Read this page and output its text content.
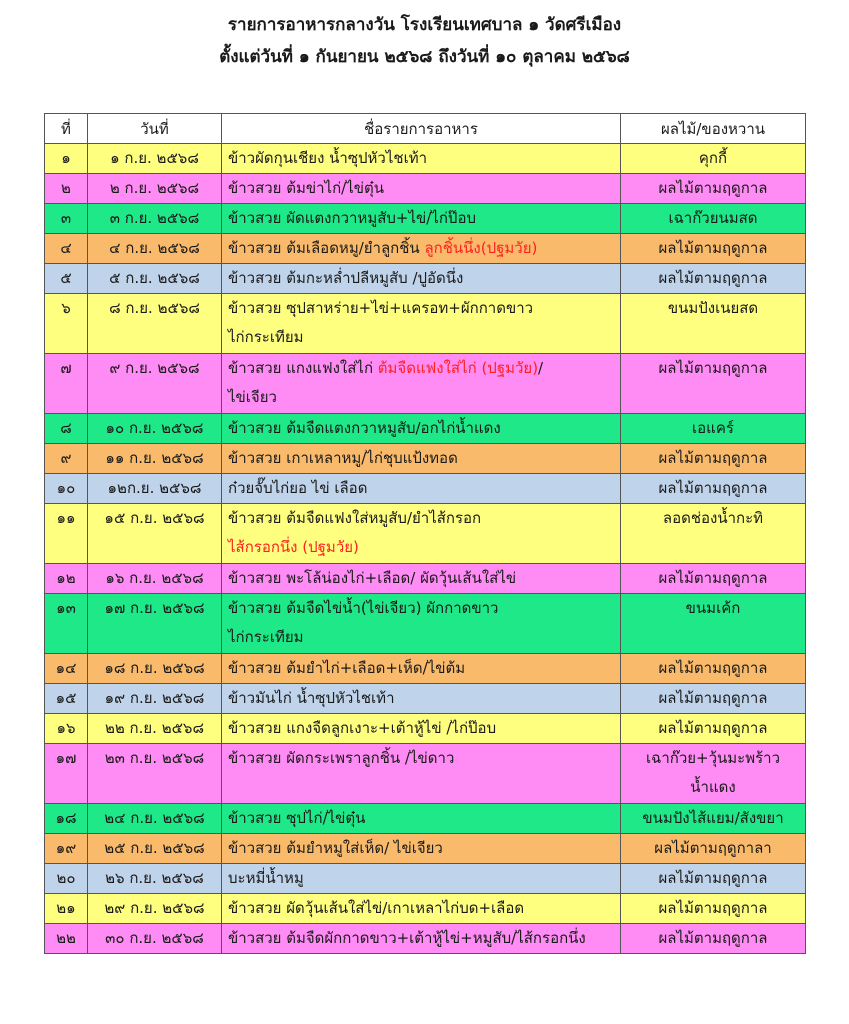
รายการอาหารกลางวัน โรงเรียนเทศบาล ๑ วัดศรีเมือง
ตั้งแต่วันที่ ๑ กันยายน ๒๕๖๘ ถึงวันที่ ๑๐ ตุลาคม ๒๕๖๘
ที่	วันที่	ชื่อรายการอาหาร	ผลไม้/ของหวาน
๑	๑ ก.ย. ๒๕๖๘	ข้าวผัดกุนเชียง น้ำซุปหัวไชเท้า	คุกกี้
๒	๒ ก.ย. ๒๕๖๘	ข้าวสวย ต้มข่าไก่/ไข่ตุ๋น	ผลไม้ตามฤดูกาล
๓	๓ ก.ย. ๒๕๖๘	ข้าวสวย ผัดแตงกวาหมูสับ+ไข่/ไก่ป๊อบ	เฉาก๊วยนมสด
๔	๔ ก.ย. ๒๕๖๘	ข้าวสวย ต้มเลือดหมู/ยำลูกชิ้น ลูกชิ้นนึ่ง(ปฐมวัย)	ผลไม้ตามฤดูกาล
๕	๕ ก.ย. ๒๕๖๘	ข้าวสวย ต้มกะหล่ำปลีหมูสับ /ปูอัดนึ่ง	ผลไม้ตามฤดูกาล
๖	๘ ก.ย. ๒๕๖๘	ข้าวสวย ซุปสาหร่าย+ไข่+แครอท+ผักกาดขาว
ไก่กระเทียม	ขนมปังเนยสด
๗	๙ ก.ย. ๒๕๖๘	ข้าวสวย แกงแฟงใส่ไก่ ต้มจืดแฟงใส่ไก่ (ปฐมวัย)/
ไข่เจียว	ผลไม้ตามฤดูกาล
๘	๑๐ ก.ย. ๒๕๖๘	ข้าวสวย ต้มจืดแตงกวาหมูสับ/อกไก่น้ำแดง	เอแคร์
๙	๑๑ ก.ย. ๒๕๖๘	ข้าวสวย เกาเหลาหมู/ไก่ชุบแป้งทอด	ผลไม้ตามฤดูกาล
๑๐	๑๒ก.ย. ๒๕๖๘	ก๋วยจั๊บไก่ยอ ไข่ เลือด	ผลไม้ตามฤดูกาล
๑๑	๑๕ ก.ย. ๒๕๖๘	ข้าวสวย ต้มจืดแฟงใส่หมูสับ/ยำไส้กรอก
ไส้กรอกนึ่ง (ปฐมวัย)	ลอดช่องน้ำกะทิ
๑๒	๑๖ ก.ย. ๒๕๖๘	ข้าวสวย พะโล้น่องไก่+เลือด/ ผัดวุ้นเส้นใส่ไข่	ผลไม้ตามฤดูกาล
๑๓	๑๗ ก.ย. ๒๕๖๘	ข้าวสวย ต้มจืดไข่น้ำ(ไข่เจียว) ผักกาดขาว
ไก่กระเทียม	ขนมเค้ก
๑๔	๑๘ ก.ย. ๒๕๖๘	ข้าวสวย ต้มยำไก่+เลือด+เห็ด/ไข่ต้ม	ผลไม้ตามฤดูกาล
๑๕	๑๙ ก.ย. ๒๕๖๘	ข้าวมันไก่ น้ำซุปหัวไชเท้า	ผลไม้ตามฤดูกาล
๑๖	๒๒ ก.ย. ๒๕๖๘	ข้าวสวย แกงจืดลูกเงาะ+เต้าหู้ไข่ /ไก่ป๊อบ	ผลไม้ตามฤดูกาล
๑๗	๒๓ ก.ย. ๒๕๖๘	ข้าวสวย ผัดกระเพราลูกชิ้น /ไข่ดาว	เฉาก๊วย+วุ้นมะพร้าว
น้ำแดง
๑๘	๒๔ ก.ย. ๒๕๖๘	ข้าวสวย ซุปไก่/ไข่ตุ๋น	ขนมปังไส้แยม/สังขยา
๑๙	๒๕ ก.ย. ๒๕๖๘	ข้าวสวย ต้มยำหมูใส่เห็ด/ ไข่เจียว	ผลไม้ตามฤดูกาลา
๒๐	๒๖ ก.ย. ๒๕๖๘	บะหมี่น้ำหมู	ผลไม้ตามฤดูกาล
๒๑	๒๙ ก.ย. ๒๕๖๘	ข้าวสวย ผัดวุ้นเส้นใส่ไข่/เกาเหลาไก่บด+เลือด	ผลไม้ตามฤดูกาล
๒๒	๓๐ ก.ย. ๒๕๖๘	ข้าวสวย ต้มจืดผักกาดขาว+เต้าหู้ไข่+หมูสับ/ไส้กรอกนึ่ง	ผลไม้ตามฤดูกาล
